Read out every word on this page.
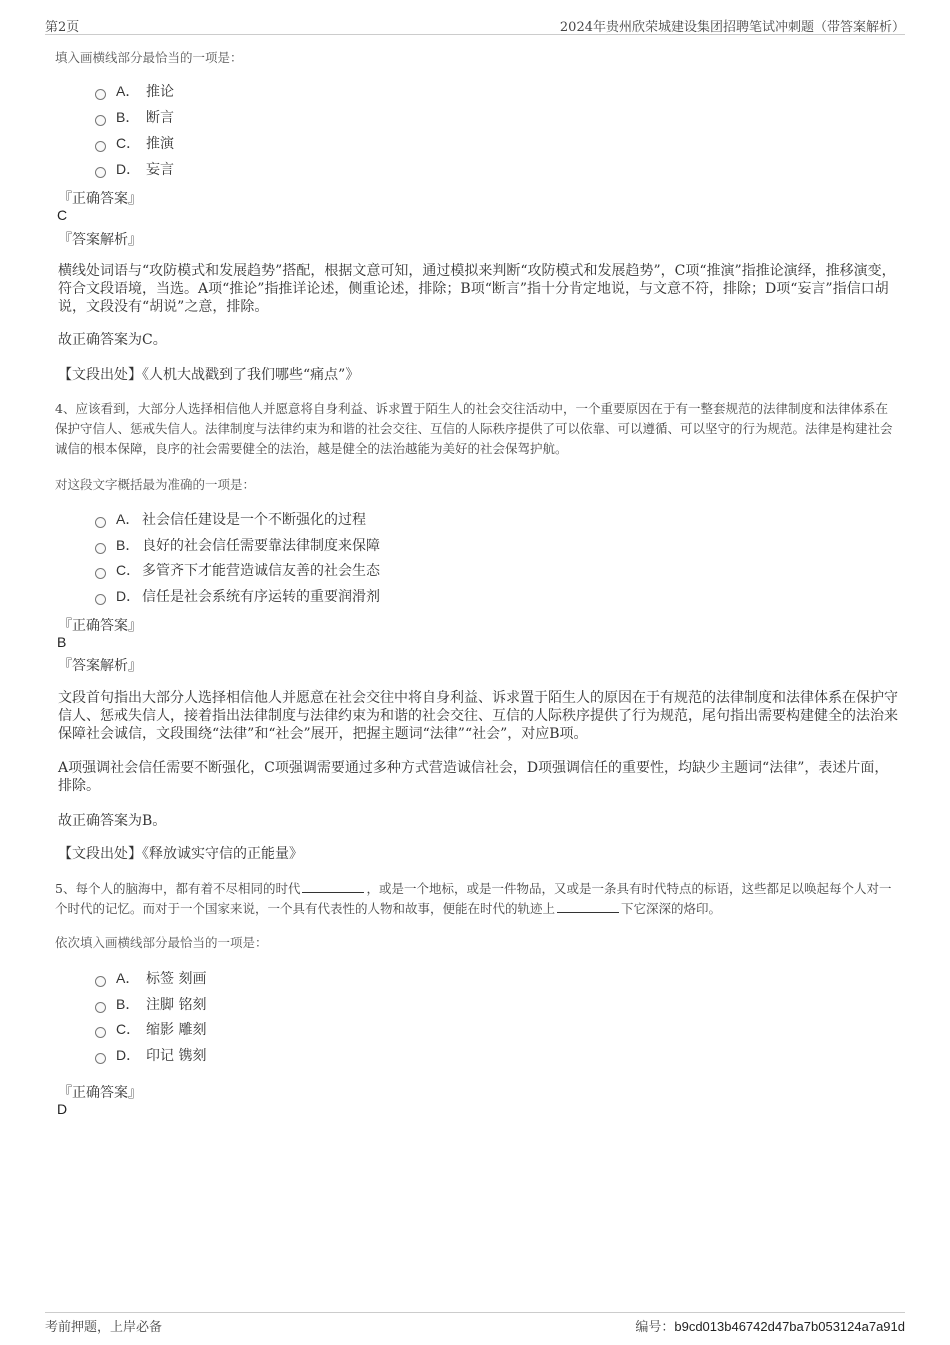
第2页	2024年贵州欣荣城建设集团招聘笔试冲刺题（带答案解析）
填入画横线部分最恰当的一项是：
A． 推论
B． 断言
C． 推演
D． 妄言
『正确答案』
C
『答案解析』
横线处词语与“攻防模式和发展趋势”搭配，根据文意可知，通过模拟来判断“攻防模式和发展趋势”，C项“推演”指推论演绎，推移演变，符合文段语境，当选。A项“推论”指推详论述，侧重论述，排除；B项“断言”指十分肯定地说，与文意不符，排除；D项“妄言”指信口胡说，文段没有“胡说”之意，排除。
故正确答案为C。
【文段出处】《人机大战戳到了我们哪些“痛点”》
4、应该看到，大部分人选择相信他人并愿意将自身利益、诉求置于陌生人的社会交往活动中，一个重要原因在于有一整套规范的法律制度和法律体系在保护守信人、惩戒失信人。法律制度与法律约束为和谐的社会交往、互信的人际秩序提供了可以依靠、可以遵循、可以坚守的行为规范。法律是构建社会诚信的根本保障，良序的社会需要健全的法治，越是健全的法治越能为美好的社会保驾护航。
对这段文字概括最为准确的一项是：
A． 社会信任建设是一个不断强化的过程
B． 良好的社会信任需要靠法律制度来保障
C． 多管齐下才能营造诚信友善的社会生态
D． 信任是社会系统有序运转的重要润滑剂
『正确答案』
B
『答案解析』
文段首句指出大部分人选择相信他人并愿意在社会交往中将自身利益、诉求置于陌生人的原因在于有规范的法律制度和法律体系在保护守信人、惩戒失信人，接着指出法律制度与法律约束为和谐的社会交往、互信的人际秩序提供了行为规范，尾句指出需要构建健全的法治来保障社会诚信，文段围绕“法律”和“社会”展开，把握主题词“法律”“社会”，对应B项。
A项强调社会信任需要不断强化，C项强调需要通过多种方式营造诚信社会，D项强调信任的重要性，均缺少主题词“法律”，表述片面，排除。
故正确答案为B。
【文段出处】《释放诚实守信的正能量》
5、每个人的脑海中，都有着不尽相同的时代	，或是一个地标，或是一件物品，又或是一条具有时代特点的标语，这些都足以唤起每个人对一个时代的记忆。而对于一个国家来说，一个具有代表性的人物和故事，便能在时代的轨迹上	下它深深的烙印。
依次填入画横线部分最恰当的一项是：
A． 标签 刻画
B． 注脚 铭刻
C． 缩影 雕刻
D． 印记 镌刻
『正确答案』
D
考前押题，上岸必备	编号：b9cd013b46742d47ba7b053124a7a91d
